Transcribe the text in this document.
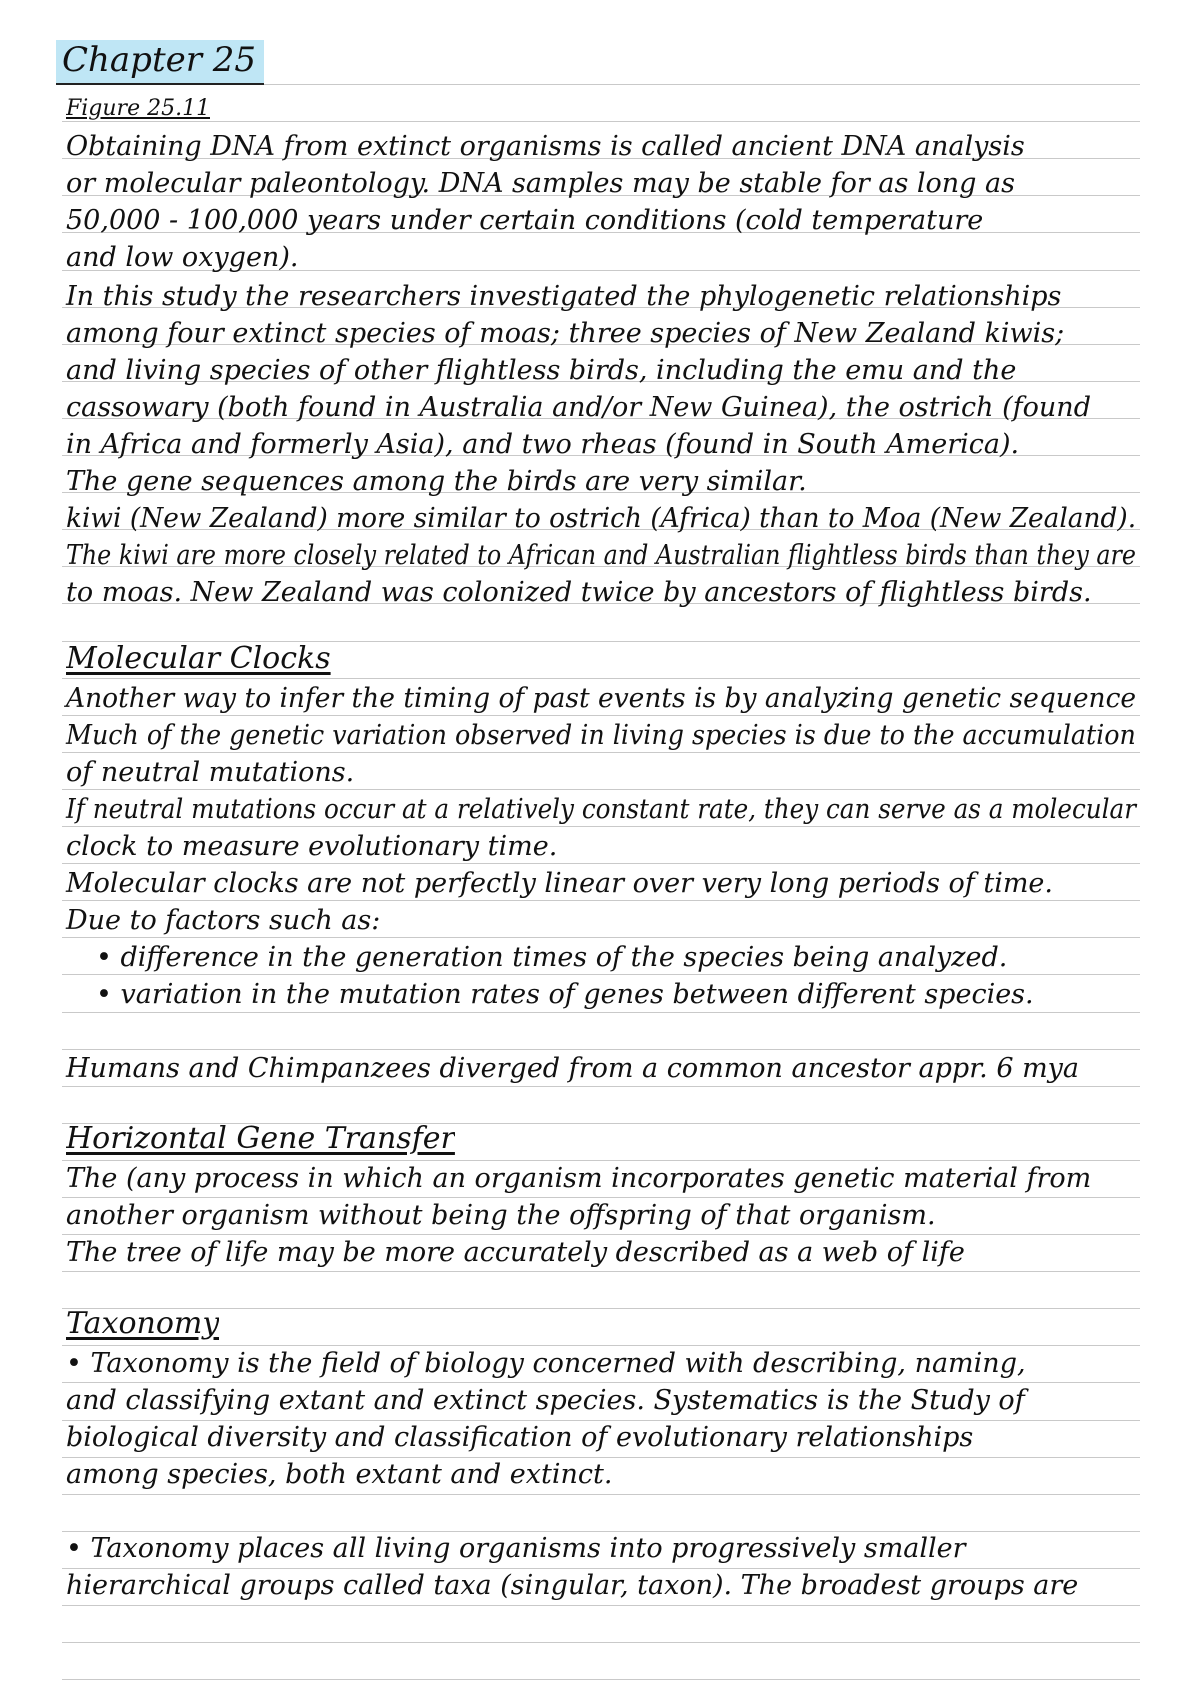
Chapter 25
Figure 25.11
Obtaining DNA from extinct organisms is called ancient DNA analysis
or molecular paleontology. DNA samples may be stable for as long as
50,000 - 100,000 years under certain conditions (cold temperature
and low oxygen).
In this study the researchers investigated the phylogenetic relationships
among four extinct species of moas; three species of New Zealand kiwis;
and living species of other flightless birds, including the emu and the
cassowary (both found in Australia and/or New Guinea), the ostrich (found
in Africa and formerly Asia), and two rheas (found in South America).
The gene sequences among the birds are very similar.
kiwi (New Zealand) more similar to ostrich (Africa) than to Moa (New Zealand).
The kiwi are more closely related to African and Australian flightless birds than they are
to moas. New Zealand was colonized twice by ancestors of flightless birds.
Molecular Clocks
Another way to infer the timing of past events is by analyzing genetic sequence
Much of the genetic variation observed in living species is due to the accumulation
of neutral mutations.
If neutral mutations occur at a relatively constant rate, they can serve as a molecular
clock to measure evolutionary time.
Molecular clocks are not perfectly linear over very long periods of time.
Due to factors such as:
• difference in the generation times of the species being analyzed.
• variation in the mutation rates of genes between different species.
Humans and Chimpanzees diverged from a common ancestor appr. 6 mya
Horizontal Gene Transfer
The (any process in which an organism incorporates genetic material from
another organism without being the offspring of that organism.
The tree of life may be more accurately described as a web of life
Taxonomy
• Taxonomy is the field of biology concerned with describing, naming,
and classifying extant and extinct species. Systematics is the Study of
biological diversity and classification of evolutionary relationships
among species, both extant and extinct.
• Taxonomy places all living organisms into progressively smaller
hierarchical groups called taxa (singular, taxon). The broadest groups are
